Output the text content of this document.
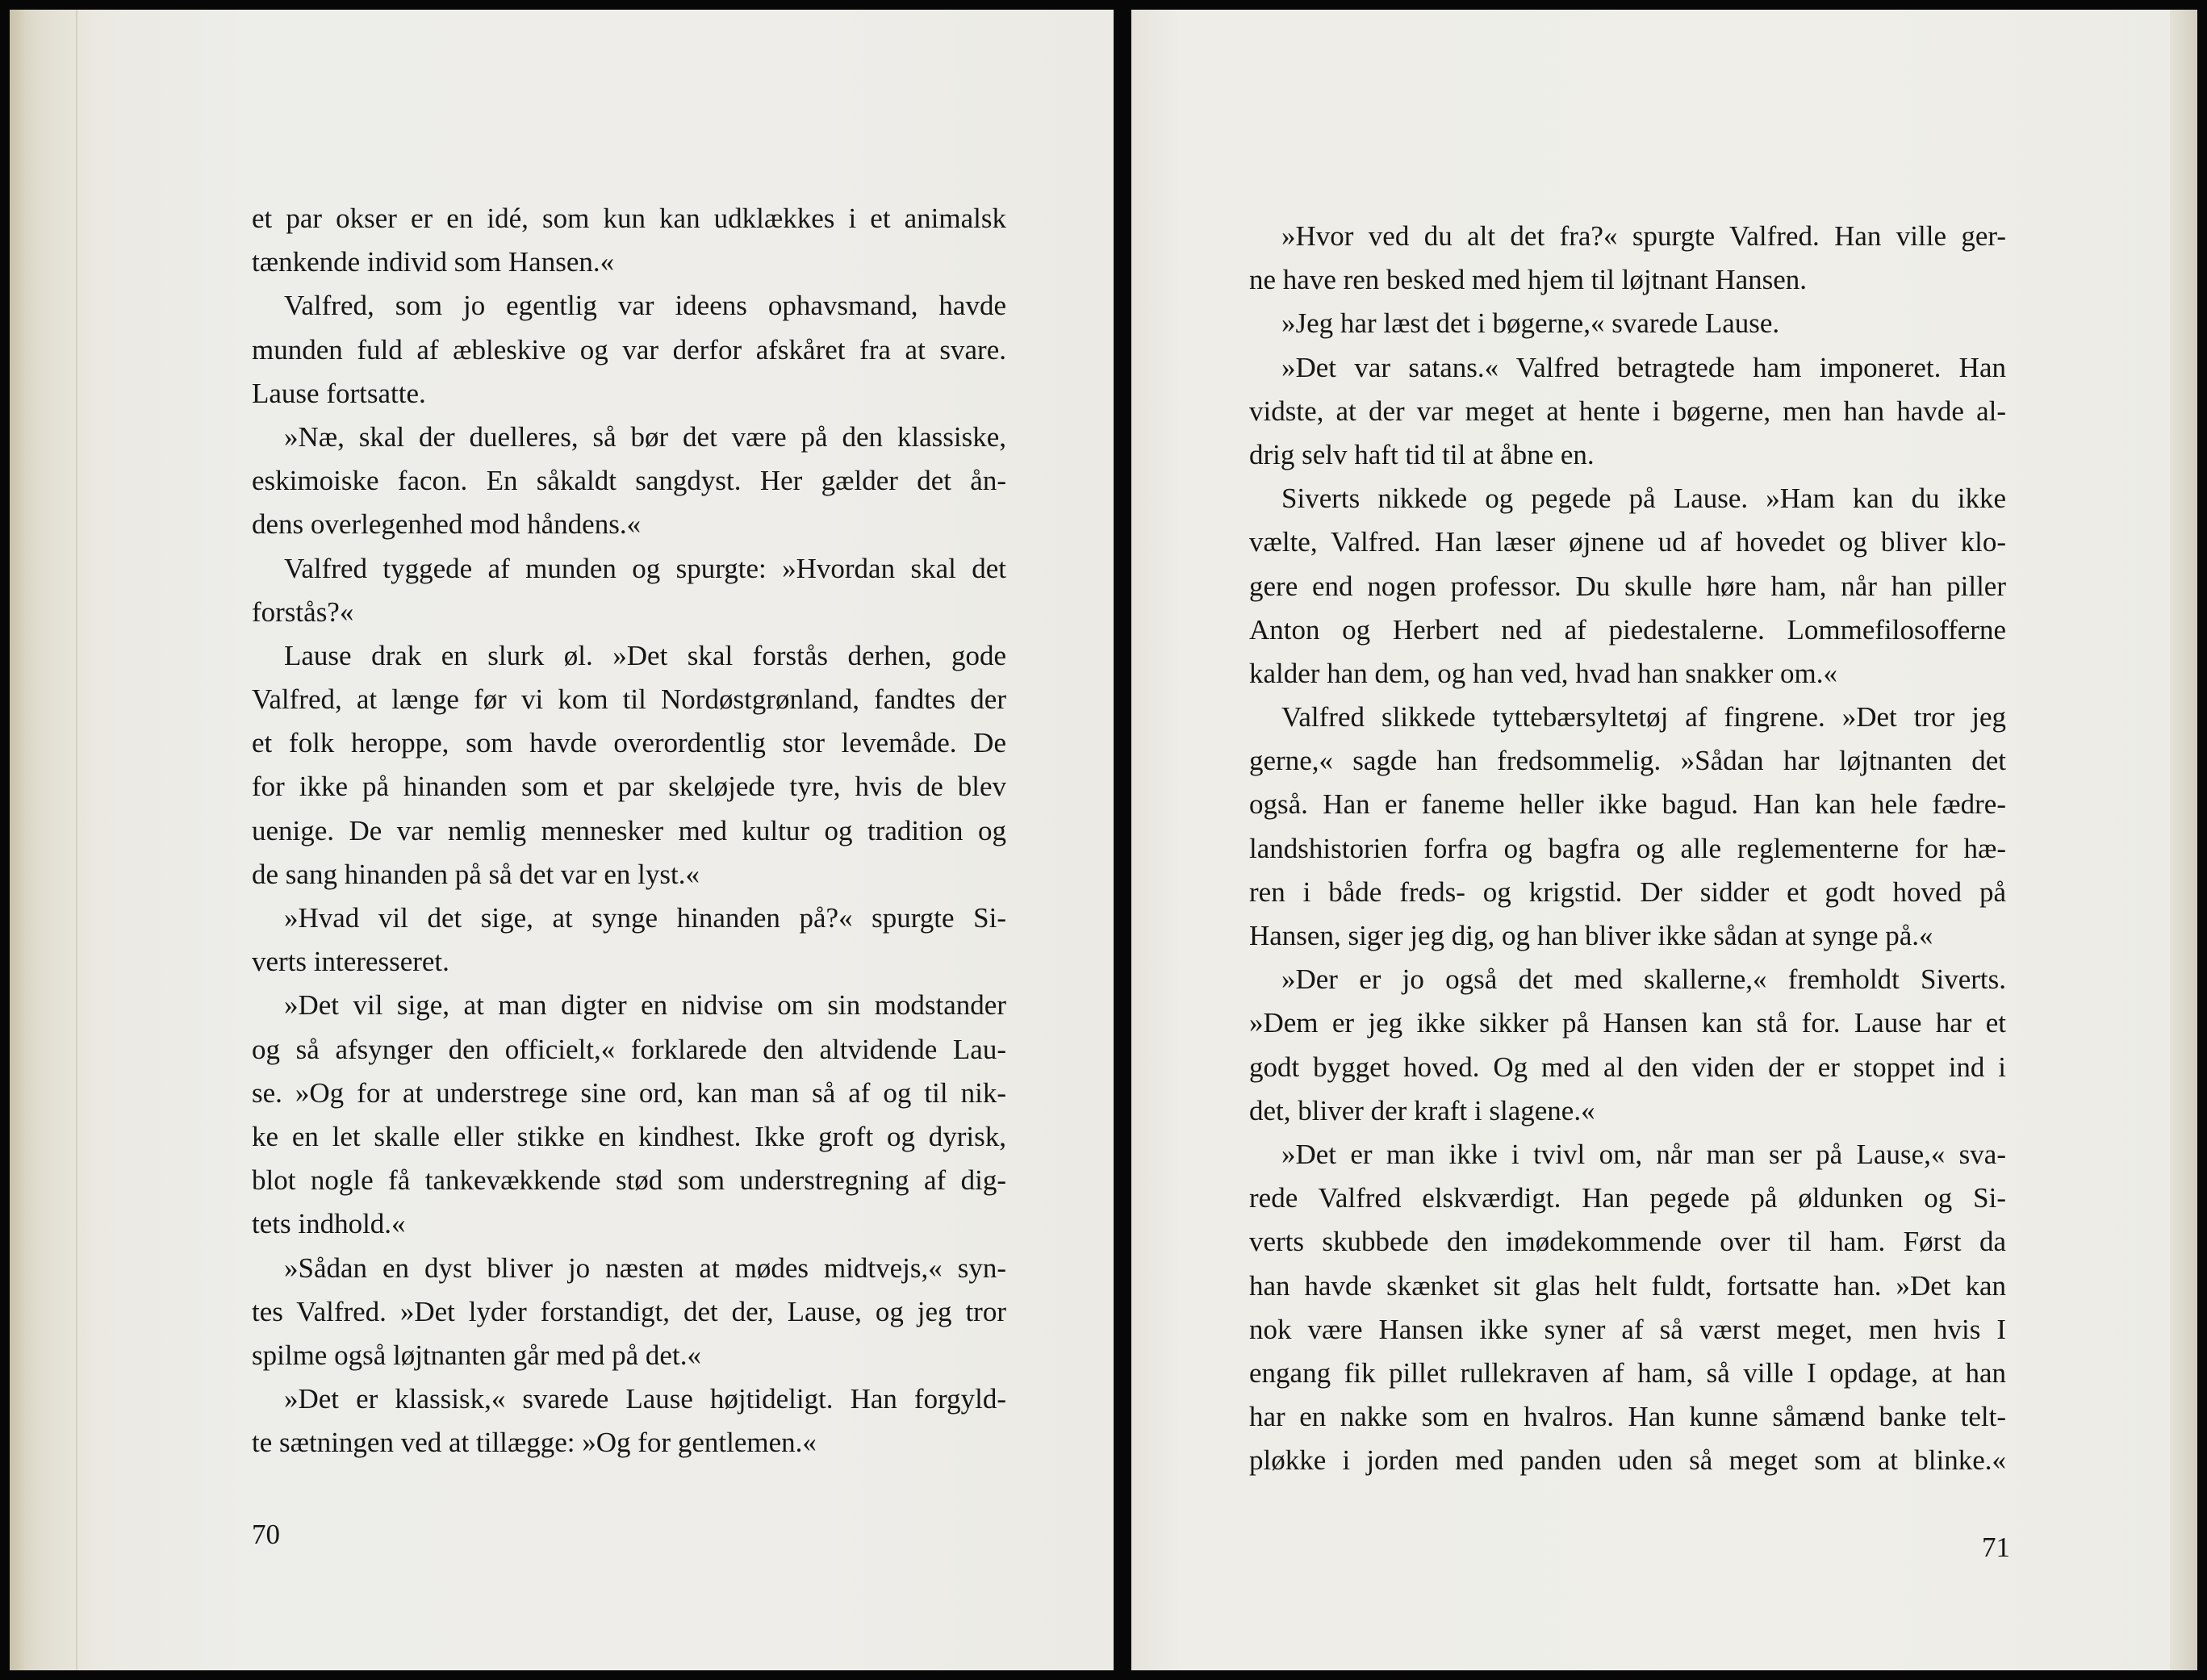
et par okser er en idé, som kun kan udklækkes i et animalsk
tænkende individ som Hansen.«
Valfred, som jo egentlig var ideens ophavsmand, havde
munden fuld af æbleskive og var derfor afskåret fra at svare.
Lause fortsatte.
»Næ, skal der duelleres, så bør det være på den klassiske,
eskimoiske facon. En såkaldt sangdyst. Her gælder det ån-
dens overlegenhed mod håndens.«
Valfred tyggede af munden og spurgte: »Hvordan skal det
forstås?«
Lause drak en slurk øl. »Det skal forstås derhen, gode
Valfred, at længe før vi kom til Nordøstgrønland, fandtes der
et folk heroppe, som havde overordentlig stor levemåde. De
for ikke på hinanden som et par skeløjede tyre, hvis de blev
uenige. De var nemlig mennesker med kultur og tradition og
de sang hinanden på så det var en lyst.«
»Hvad vil det sige, at synge hinanden på?« spurgte Si-
verts interesseret.
»Det vil sige, at man digter en nidvise om sin modstander
og så afsynger den officielt,« forklarede den altvidende Lau-
se. »Og for at understrege sine ord, kan man så af og til nik-
ke en let skalle eller stikke en kindhest. Ikke groft og dyrisk,
blot nogle få tankevækkende stød som understregning af dig-
tets indhold.«
»Sådan en dyst bliver jo næsten at mødes midtvejs,« syn-
tes Valfred. »Det lyder forstandigt, det der, Lause, og jeg tror
spilme også løjtnanten går med på det.«
»Det er klassisk,« svarede Lause højtideligt. Han forgyld-
te sætningen ved at tillægge: »Og for gentlemen.«
70
»Hvor ved du alt det fra?« spurgte Valfred. Han ville ger-
ne have ren besked med hjem til løjtnant Hansen.
»Jeg har læst det i bøgerne,« svarede Lause.
»Det var satans.« Valfred betragtede ham imponeret. Han
vidste, at der var meget at hente i bøgerne, men han havde al-
drig selv haft tid til at åbne en.
Siverts nikkede og pegede på Lause. »Ham kan du ikke
vælte, Valfred. Han læser øjnene ud af hovedet og bliver klo-
gere end nogen professor. Du skulle høre ham, når han piller
Anton og Herbert ned af piedestalerne. Lommefilosofferne
kalder han dem, og han ved, hvad han snakker om.«
Valfred slikkede tyttebærsyltetøj af fingrene. »Det tror jeg
gerne,« sagde han fredsommelig. »Sådan har løjtnanten det
også. Han er faneme heller ikke bagud. Han kan hele fædre-
landshistorien forfra og bagfra og alle reglementerne for hæ-
ren i både freds- og krigstid. Der sidder et godt hoved på
Hansen, siger jeg dig, og han bliver ikke sådan at synge på.«
»Der er jo også det med skallerne,« fremholdt Siverts.
»Dem er jeg ikke sikker på Hansen kan stå for. Lause har et
godt bygget hoved. Og med al den viden der er stoppet ind i
det, bliver der kraft i slagene.«
»Det er man ikke i tvivl om, når man ser på Lause,« sva-
rede Valfred elskværdigt. Han pegede på øldunken og Si-
verts skubbede den imødekommende over til ham. Først da
han havde skænket sit glas helt fuldt, fortsatte han. »Det kan
nok være Hansen ikke syner af så værst meget, men hvis I
engang fik pillet rullekraven af ham, så ville I opdage, at han
har en nakke som en hvalros. Han kunne såmænd banke telt-
pløkke i jorden med panden uden så meget som at blinke.«
71
